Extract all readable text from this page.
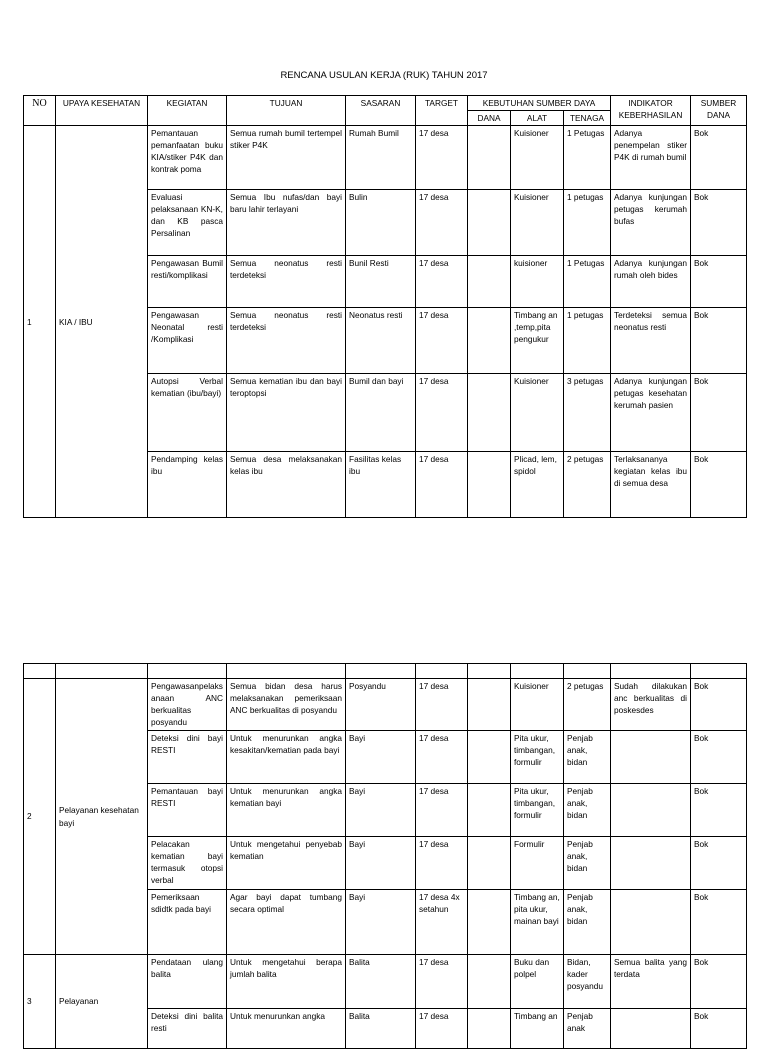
RENCANA USULAN KERJA (RUK) TAHUN 2017
NO	UPAYA KESEHATAN	KEGIATAN	TUJUAN	SASARAN	TARGET	KEBUTUHAN SUMBER DAYA			INDIKATOR KEBERHASILAN	SUMBER DANA
						DANA	ALAT	TENAGA		
1	KIA / IBU	Pemantauan pemanfaatan buku KIA/stiker P4K dan kontrak poma	Semua rumah bumil tertempel stiker P4K	Rumah Bumil	17 desa		Kuisioner	1 Petugas	Adanya penempelan stiker P4K di rumah bumil	Bok
		Evaluasi pelaksanaan KN-K, dan KB pasca Persalinan	Semua Ibu nufas/dan bayi baru lahir terlayani	Bulin	17 desa		Kuisioner	1 petugas	Adanya kunjungan petugas kerumah bufas	Bok
		Pengawasan Bumil resti/komplikasi	Semua neonatus resti terdeteksi	Bunil Resti	17 desa		kuisioner	1 Petugas	Adanya kunjungan rumah oleh bides	Bok
		Pengawasan Neonatal resti /Komplikasi	Semua neonatus resti terdeteksi	Neonatus resti	17 desa		Timbang an ,temp,pita pengukur	1 petugas	Terdeteksi semua neonatus resti	Bok
		Autopsi Verbal kematian (ibu/bayi)	Semua kematian ibu dan bayi teroptopsi	Bumil dan bayi	17 desa		Kuisioner	3 petugas	Adanya kunjungan petugas kesehatan kerumah pasien	Bok
		Pendamping kelas ibu	Semua desa melaksanakan kelas ibu	Fasilitas kelas ibu	17 desa		Plicad, lem, spidol	2 petugas	Terlaksananya kegiatan kelas ibu di semua desa	Bok

2	Pelayanan kesehatan bayi	Pengawasanpelaksanaan ANC berkualitas posyandu	Semua bidan desa harus melaksanakan pemeriksaan ANC berkualitas di posyandu	Posyandu	17 desa		Kuisioner	2 petugas	Sudah dilakukan anc berkualitas di poskesdes	Bok
		Deteksi dini bayi RESTI	Untuk menurunkan angka kesakitan/kematian pada bayi	Bayi	17 desa		Pita ukur, timbangan, formulir	Penjab anak, bidan		Bok
		Pemantauan bayi RESTI	Untuk menurunkan angka kematian bayi	Bayi	17 desa		Pita ukur, timbangan, formulir	Penjab anak, bidan		Bok
		Pelacakan kematian bayi termasuk otopsi verbal	Untuk mengetahui penyebab kematian	Bayi	17 desa		Formulir	Penjab anak, bidan		Bok
		Pemeriksaan sdidtk pada bayi	Agar bayi dapat tumbang secara optimal	Bayi	17 desa 4x setahun		Timbang an, pita ukur, mainan bayi	Penjab anak, bidan		Bok
3	Pelayanan	Pendataan ulang balita	Untuk mengetahui berapa jumlah balita	Balita	17 desa		Buku dan polpel	Bidan, kader posyandu	Semua balita yang terdata	Bok
		Deteksi dini balita resti	Untuk menurunkan angka	Balita	17 desa		Timbang an	Penjab anak		Bok
